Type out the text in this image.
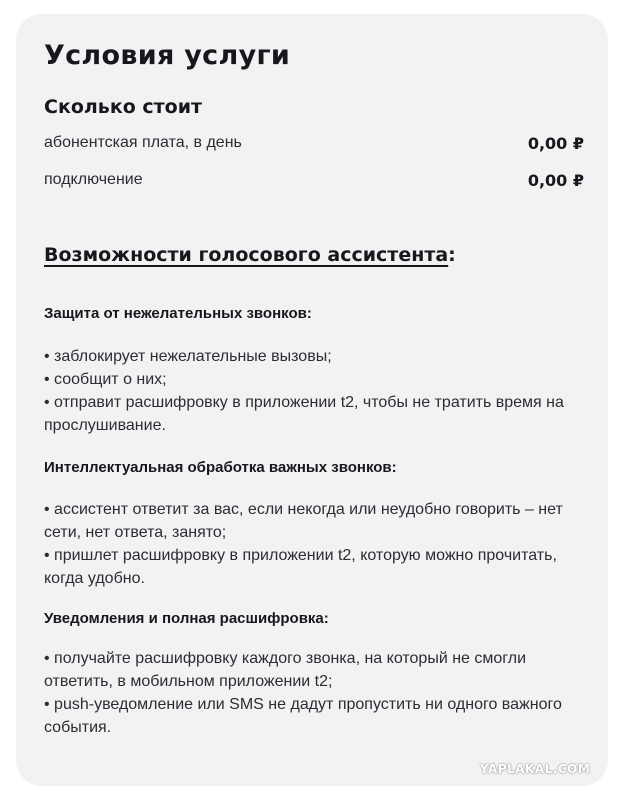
Условия услуги
Сколько стоит
абонентская плата, в день	0,00 ₽
подключение	0,00 ₽
Возможности голосового ассистента:

Защита от нежелательных звонков:

• заблокирует нежелательные вызовы;
• сообщит о них;
• отправит расшифровку в приложении t2, чтобы не тратить время на прослушивание.

Интеллектуальная обработка важных звонков:

• ассистент ответит за вас, если некогда или неудобно говорить – нет сети, нет ответа, занято;
• пришлет расшифровку в приложении t2, которую можно прочитать, когда удобно.

Уведомления и полная расшифровка:

• получайте расшифровку каждого звонка, на который не смогли ответить, в мобильном приложении t2;
• push-уведомление или SMS не дадут пропустить ни одного важного события.
YAPLAKAL.COM
